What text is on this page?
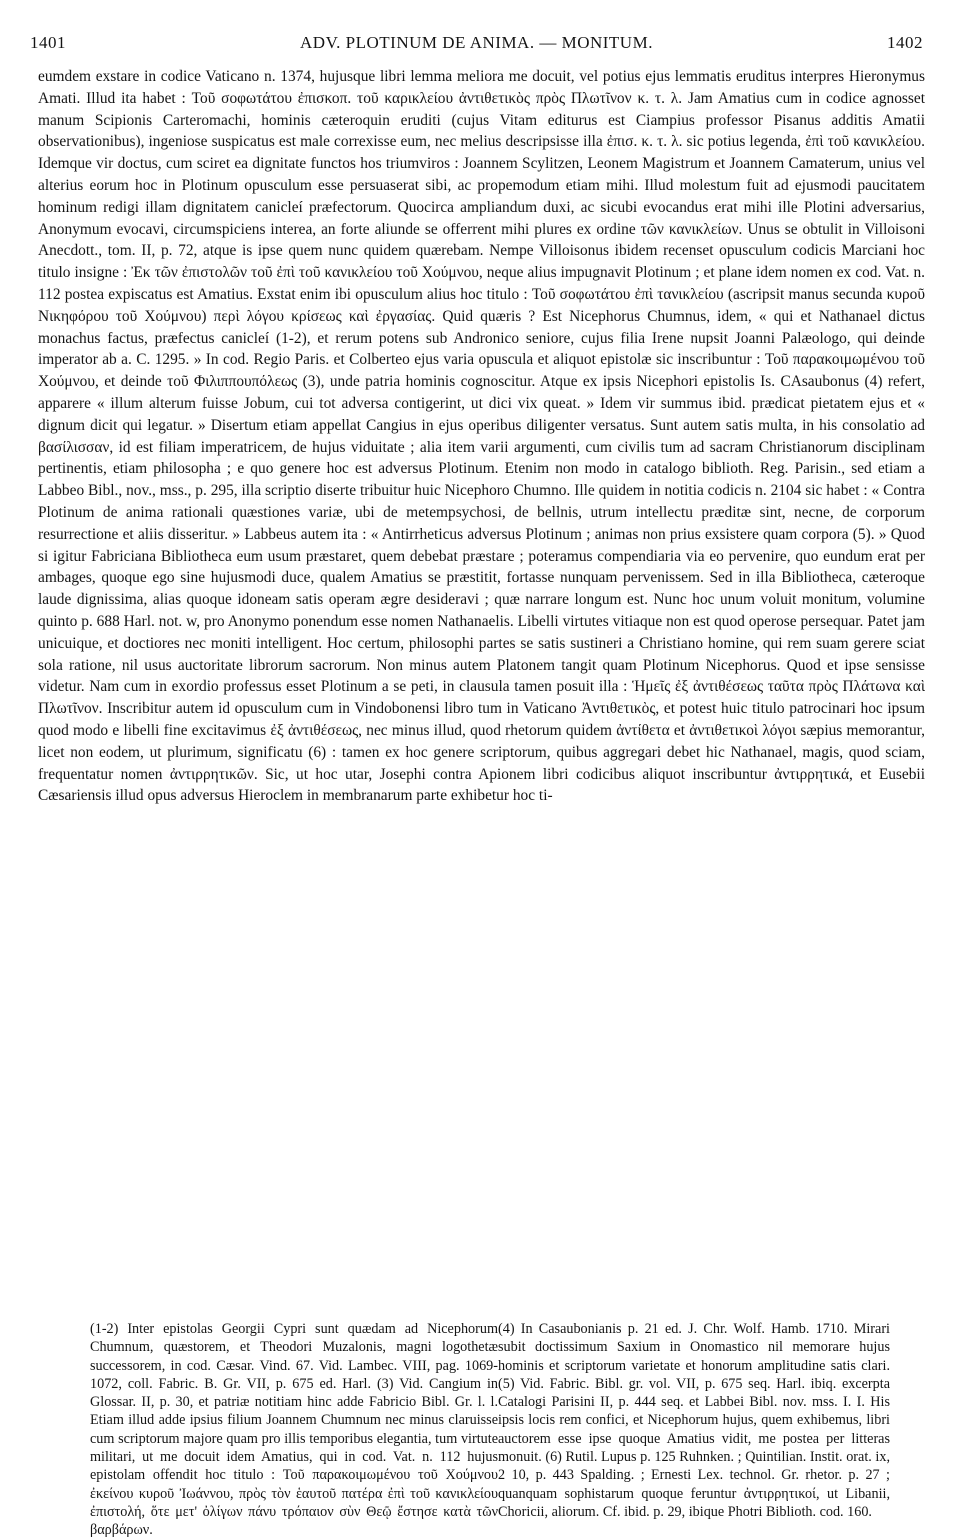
1401	ADV. PLOTINUM DE ANIMA. — MONITUM.	1402

eumdem exstare in codice Vaticano n. 1374, hujusque libri lemma meliora me docuit, vel potius ejus lemmatis eruditus interpres Hieronymus Amati. Illud ita habet : Τοῦ σοφωτάτου ἐπισκοπ. τοῦ καρικλείου ἀντιθετικὸς πρὸς Πλωτῖνον κ. τ. λ. Jam Amatius cum in codice agnosset manum Scipionis Carteromachi, hominis cæteroquin eruditi (cujus Vitam editurus est Ciampius professor Pisanus additis Amatii observationibus), ingeniose suspicatus est male correxisse eum, nec melius descripsisse illa ἐπισ. κ. τ. λ. sic potius legenda, ἐπὶ τοῦ κανικλείου. Idemque vir doctus, cum sciret ea dignitate functos hos triumviros : Joannem Scylitzen, Leonem Magistrum et Joannem Camaterum, unius vel alterius eorum hoc in Plotinum opusculum esse persuaserat sibi, ac propemodum etiam mihi. Illud molestum fuit ad ejusmodi paucitatem hominum redigi illam dignitatem canicleí præfectorum. Quocirca ampliandum duxi, ac sicubi evocandus erat mihi ille Plotini adversarius, Anonymum evocavi, circumspiciens interea, an forte aliunde se offerrent mihi plures ex ordine τῶν κανικλείων. Unus se obtulit in Villoisoni Anecdott., tom. II, p. 72, atque is ipse quem nunc quidem quærebam. Nempe Villoisonus ibidem recenset opusculum codicis Marciani hoc titulo insigne : Ἐκ τῶν ἐπιστολῶν τοῦ ἐπὶ τοῦ κανικλείου τοῦ Χούμνου, neque alius impugnavit Plotinum ; et plane idem nomen ex cod. Vat. n. 112 postea expiscatus est Amatius. Exstat enim ibi opusculum alius hoc titulo : Τοῦ σοφωτάτου ἐπὶ τανικλείου (ascripsit manus secunda κυροῦ Νικηφόρου τοῦ Χούμνου) περὶ λόγου κρίσεως καὶ ἐργασίας. Quid quæris ? Est Nicephorus Chumnus, idem, « qui et Nathanael dictus monachus factus, præfectus canicleí (1-2), et rerum potens sub Andronico seniore, cujus filia Irene nupsit Joanni Palæologo, qui deinde imperator ab a. C. 1295. » In cod. Regio Paris. et Colberteo ejus varia opuscula et aliquot epistolæ sic inscribuntur : Τοῦ παρακοιμωμένου τοῦ Χούμνου, et deinde τοῦ Φιλιππουπόλεως (3), unde patria hominis cognoscitur. Atque ex ipsis Nicephori epistolis Is. CAsaubonus (4) refert, apparere « illum alterum fuisse Jobum, cui tot adversa contigerint, ut dici vix queat. » Idem vir summus ibid. prædicat pietatem ejus et « dignum dicit qui legatur. » Disertum etiam appellat Cangius in ejus operibus diligenter versatus. Sunt autem satis multa, in his consolatio ad βασίλισσαν, id est filiam imperatricem, de hujus viduitate ; alia item varii argumenti, cum civilis tum ad sacram Christianorum disciplinam pertinentis, etiam philosopha ; e quo genere hoc est adversus Plotinum. Etenim non modo in catalogo biblioth. Reg. Parisin., sed etiam a Labbeo Bibl., nov., mss., p. 295, illa scriptio diserte tribuitur huic Nicephoro Chumno. Ille quidem in notitia codicis n. 2104 sic habet : « Contra Plotinum de anima rationali quæstiones variæ, ubi de metempsychosi, de bellnis, utrum intellectu præditæ sint, necne, de corporum resurrectione et aliis disseritur. » Labbeus autem ita : « Antirrheticus adversus Plotinum ; animas non prius exsistere quam corpora (5). » Quod si igitur Fabriciana Bibliotheca eum usum præstaret, quem debebat præstare ; poteramus compendiaria via eo pervenire, quo eundum erat per ambages, quoque ego sine hujusmodi duce, qualem Amatius se præstitit, fortasse nunquam pervenissem. Sed in illa Bibliotheca, cæteroque laude dignissima, alias quoque idoneam satis operam ægre desideravi ; quæ narrare longum est. Nunc hoc unum voluit monitum, volumine quinto p. 688 Harl. not. w, pro Anonymo ponendum esse nomen Nathanaelis. Libelli virtutes vitiaque non est quod operose persequar. Patet jam unicuique, et doctiores nec moniti intelligent. Hoc certum, philosophi partes se satis sustineri a Christiano homine, qui rem suam gerere sciat sola ratione, nil usus auctoritate librorum sacrorum. Non minus autem Platonem tangit quam Plotinum Nicephorus. Quod et ipse sensisse videtur. Nam cum in exordio professus esset Plotinum a se peti, in clausula tamen posuit illa : Ἡμεῖς ἐξ ἀντιθέσεως ταῦτα πρὸς Πλάτωνα καὶ Πλωτῖνον. Inscribitur autem id opusculum cum in Vindobonensi libro tum in Vaticano Ἀντιθετικὸς, et potest huic titulo patrocinari hoc ipsum quod modo e libelli fine excitavimus ἐξ ἀντιθέσεως, nec minus illud, quod rhetorum quidem ἀντίθετα et ἀντιθετικοὶ λόγοι sæpius memorantur, licet non eodem, ut plurimum, significatu (6) : tamen ex hoc genere scriptorum, quibus aggregari debet hic Nathanael, magis, quod sciam, frequentatur nomen ἀντιρρητικῶν. Sic, ut hoc utar, Josephi contra Apionem libri codicibus aliquot inscribuntur ἀντιρρητικά, et Eusebii Cæsariensis illud opus adversus Hieroclem in membranarum parte exhibetur hoc ti-

(1-2) Inter epistolas Georgii Cypri sunt quædam ad Nicephorum Chumnum, quæstorem, et Theodori Muzalonis, magni logothetæ successorem, in cod. Cæsar. Vind. 67. Vid. Lambec. VIII, pag. 1069-1072, coll. Fabric. B. Gr. VII, p. 675 ed. Harl. (3) Vid. Cangium in Glossar. II, p. 30, et patriæ notitiam hinc adde Fabricio Bibl. Gr. l. l. Etiam illud adde ipsius filium Joannem Chumnum nec minus claruisse cum scriptorum majore quam pro illis temporibus elegantia, tum virtute militari, ut me docuit idem Amatius, qui in cod. Vat. n. 112 hujus epistolam offendit hoc titulo : Τοῦ παρακοιμωμένου τοῦ Χούμνου ἐκείνου κυροῦ Ἰωάννου, πρὸς τὸν ἑαυτοῦ πατέρα ἐπὶ τοῦ κανικλείου ἐπιστολή, ὅτε μετ' ὀλίγων πάνυ τρόπαιον σὺν Θεῷ ἔστησε κατὰ τῶν βαρβάρων.

(4) In Casaubonianis p. 21 ed. J. Chr. Wolf. Hamb. 1710. Mirari subit doctissimum Saxium in Onomastico nil memorare hujus hominis et scriptorum varietate et honorum amplitudine satis clari. (5) Vid. Fabric. Bibl. gr. vol. VII, p. 675 seq. Harl. ibiq. excerpta Catalogi Parisini II, p. 444 seq. et Labbei Bibl. nov. mss. I. I. His ipsis locis rem confici, et Nicephorum hujus, quem exhibemus, libri auctorem esse ipse quoque Amatius vidit, me postea per litteras monuit. (6) Rutil. Lupus p. 125 Ruhnken. ; Quintilian. Instit. orat. ix, 2 10, p. 443 Spalding. ; Ernesti Lex. technol. Gr. rhetor. p. 27 ; quanquam sophistarum quoque feruntur ἀντιρρητικοί, ut Libanii, Choricii, aliorum. Cf. ibid. p. 29, ibique Photri Biblioth. cod. 160.
